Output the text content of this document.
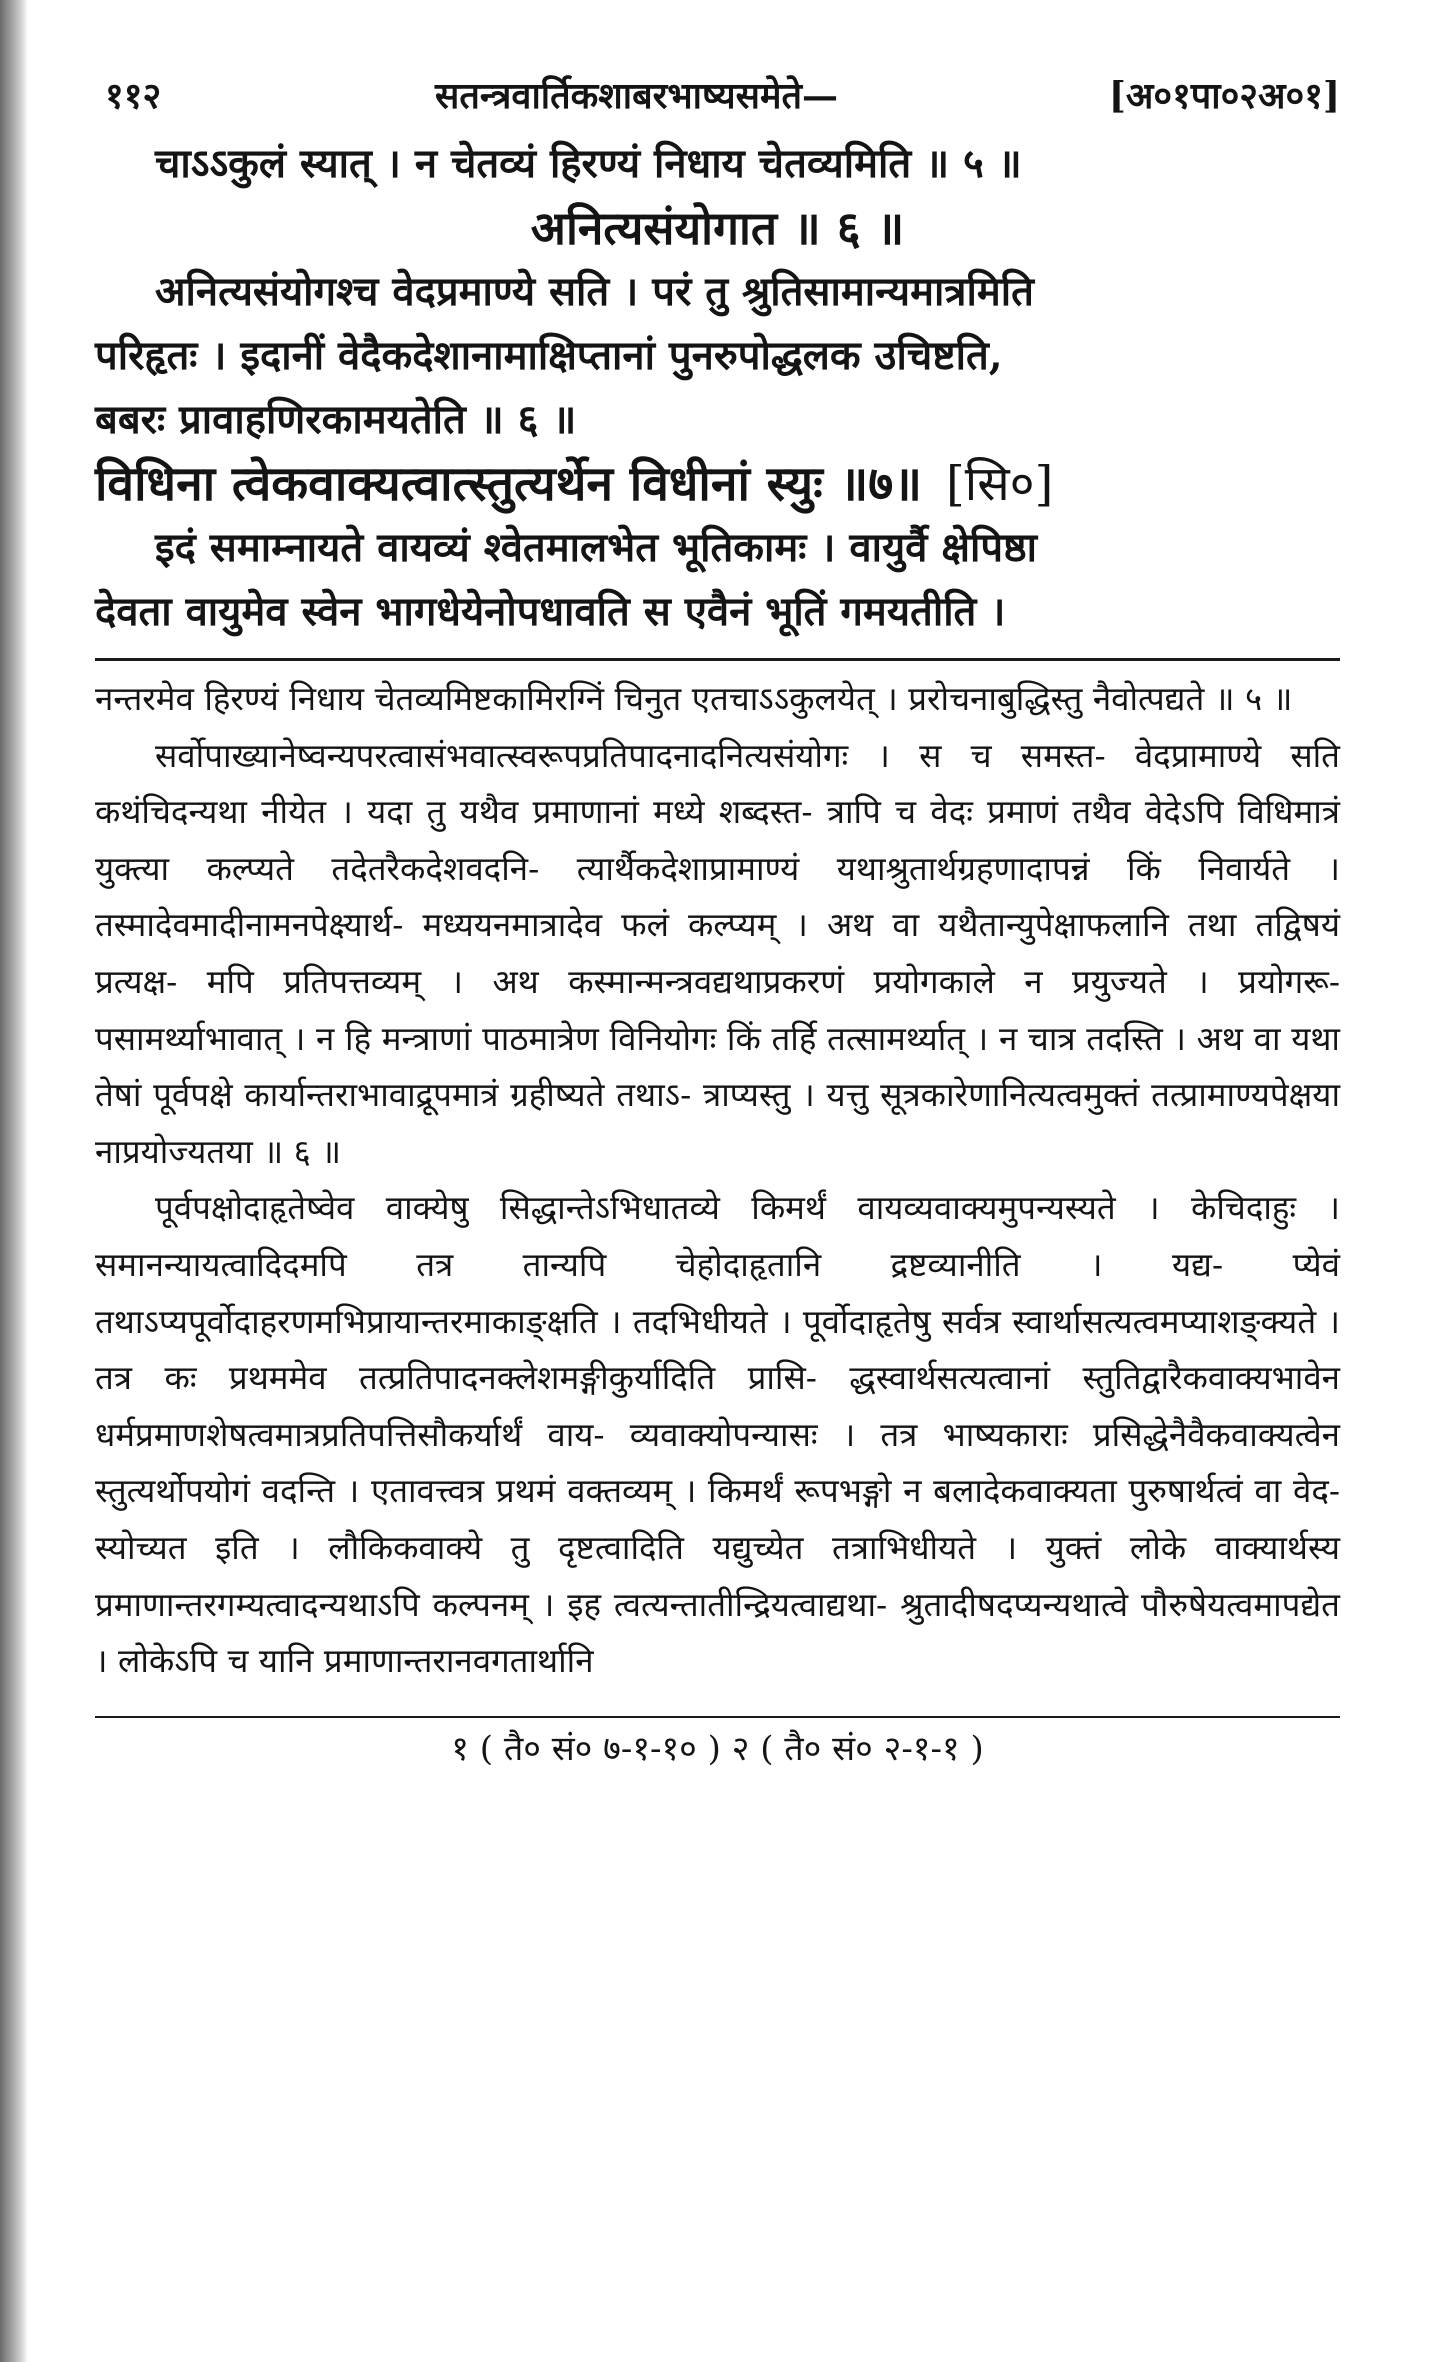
११२	सतन्त्रवार्तिकशाबरभाष्यसमेते—	[अ०१पा०२अ०१]
चाऽऽकुलं स्यात् । न चेतव्यं हिरण्यं निधाय चेतव्यमिति ॥ ५ ॥
अनित्यसंयोगात ॥ ६ ॥
अनित्यसंयोगश्च वेदप्रमाण्ये सति । परं तु श्रुतिसामान्यमात्रमिति
परिहृतः । इदानीं वेदैकदेशानामाक्षिप्तानां पुनरुपोद्धलक उचिष्टति,
बबरः प्रावाहणिरकामयतेति ॥ ६ ॥
विधिना त्वेकवाक्यत्वात्स्तुत्यर्थेन विधीनां स्युः ॥७॥ [सि०]
इदं समाम्नायते वायव्यं श्वेतमालभेत भूतिकामः । वायुर्वै क्षेपिष्ठा
देवता वायुमेव स्वेन भागधेयेनोपधावति स एवैनं भूतिं गमयतीति ।

नन्तरमेव हिरण्यं निधाय चेतव्यमिष्टकामिरग्निं चिनुत एतचाऽऽकुलयेत् । प्ररोचनाबुद्धिस्तु नैवोत्पद्यते ॥ ५ ॥

सर्वोपाख्यानेष्वन्यपरत्वासंभवात्स्वरूपप्रतिपादनादनित्यसंयोगः । स च समस्त- वेदप्रामाण्ये सति कथंचिदन्यथा नीयेत । यदा तु यथैव प्रमाणानां मध्ये शब्दस्त- त्रापि च वेदः प्रमाणं तथैव वेदेऽपि विधिमात्रं युक्त्या कल्प्यते तदेतरैकदेशवदनि- त्यार्थैकदेशाप्रामाण्यं यथाश्रुतार्थग्रहणादापन्नं किं निवार्यते । तस्मादेवमादीनामनपेक्ष्यार्थ- मध्ययनमात्रादेव फलं कल्प्यम् । अथ वा यथैतान्युपेक्षाफलानि तथा तद्विषयं प्रत्यक्ष- मपि प्रतिपत्तव्यम् । अथ कस्मान्मन्त्रवद्यथाप्रकरणं प्रयोगकाले न प्रयुज्यते । प्रयोगरू- पसामर्थ्याभावात् । न हि मन्त्राणां पाठमात्रेण विनियोगः किं तर्हि तत्सामर्थ्यात् । न चात्र तदस्ति । अथ वा यथा तेषां पूर्वपक्षे कार्यान्तराभावाद्रूपमात्रं ग्रहीष्यते तथाऽ- त्राप्यस्तु । यत्तु सूत्रकारेणानित्यत्वमुक्तं तत्प्रामाण्यपेक्षया नाप्रयोज्यतया ॥ ६ ॥

पूर्वपक्षोदाहृतेष्वेव वाक्येषु सिद्धान्तेऽभिधातव्ये किमर्थं वायव्यवाक्यमुपन्यस्यते । केचिदाहुः । समानन्यायत्वादिदमपि तत्र तान्यपि चेहोदाहृतानि द्रष्टव्यानीति । यद्य- प्येवं तथाऽप्यपूर्वोदाहरणमभिप्रायान्तरमाकाङ्क्षति । तदभिधीयते । पूर्वोदाहृतेषु सर्वत्र स्वार्थासत्यत्वमप्याशङ्क्यते । तत्र कः प्रथममेव तत्प्रतिपादनक्लेशमङ्गीकुर्यादिति प्रासि- द्धस्वार्थसत्यत्वानां स्तुतिद्वारैकवाक्यभावेन धर्मप्रमाणशेषत्वमात्रप्रतिपत्तिसौकर्यार्थं वाय- व्यवाक्योपन्यासः । तत्र भाष्यकाराः प्रसिद्धेनैवैकवाक्यत्वेन स्तुत्यर्थोपयोगं वदन्ति । एतावत्त्वत्र प्रथमं वक्तव्यम् । किमर्थं रूपभङ्गो न बलादेकवाक्यता पुरुषार्थत्वं वा वेद- स्योच्यत इति । लौकिकवाक्ये तु दृष्टत्वादिति यद्युच्येत तत्राभिधीयते । युक्तं लोके वाक्यार्थस्य प्रमाणान्तरगम्यत्वादन्यथाऽपि कल्पनम् । इह त्वत्यन्तातीन्द्रियत्वाद्यथा- श्रुतादीषदप्यन्यथात्वे पौरुषेयत्वमापद्येत । लोकेऽपि च यानि प्रमाणान्तरानवगतार्थानि

१ ( तै० सं० ७-१-१० ) २ ( तै० सं० २-१-१ )
